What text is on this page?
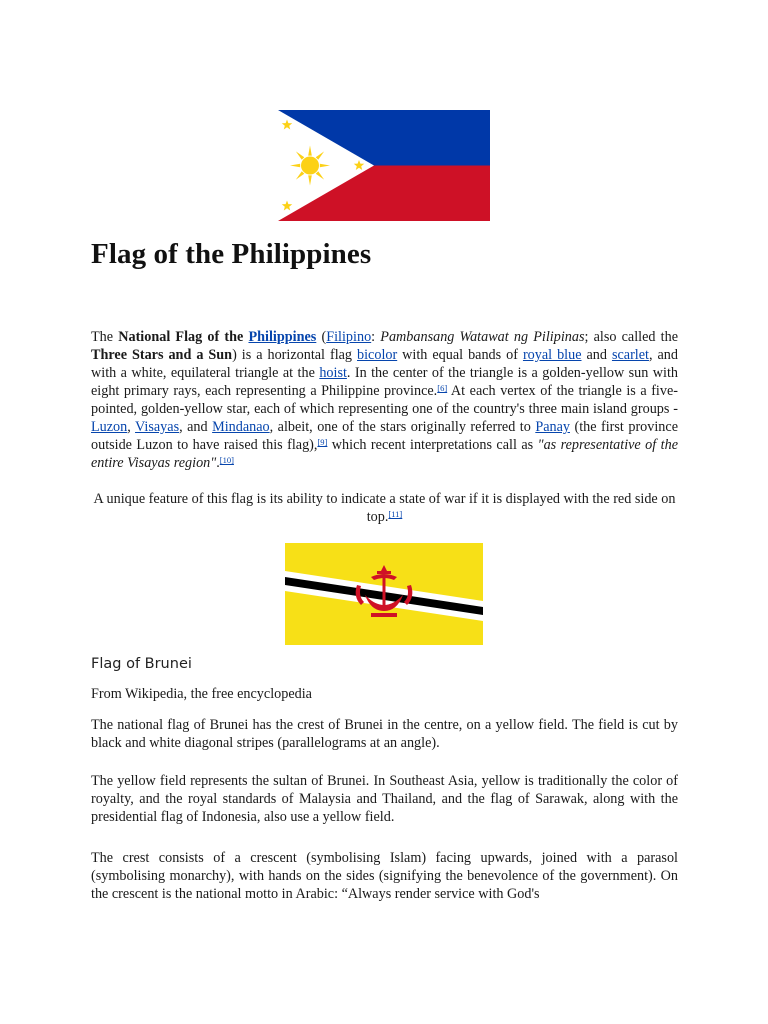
Flag of the Philippines

The National Flag of the Philippines (Filipino: Pambansang Watawat ng Pilipinas; also called the Three Stars and a Sun) is a horizontal flag bicolor with equal bands of royal blue and scarlet, and with a white, equilateral triangle at the hoist. In the center of the triangle is a golden-yellow sun with eight primary rays, each representing a Philippine province.[6] At each vertex of the triangle is a five-pointed, golden-yellow star, each of which representing one of the country's three main island groups - Luzon, Visayas, and Mindanao, albeit, one of the stars originally referred to Panay (the first province outside Luzon to have raised this flag),[9] which recent interpretations call as "as representative of the entire Visayas region".[10]

A unique feature of this flag is its ability to indicate a state of war if it is displayed with the red side on top.[11]

Flag of Brunei

From Wikipedia, the free encyclopedia

The national flag of Brunei has the crest of Brunei in the centre, on a yellow field. The field is cut by black and white diagonal stripes (parallelograms at an angle).

The yellow field represents the sultan of Brunei. In Southeast Asia, yellow is traditionally the color of royalty, and the royal standards of Malaysia and Thailand, and the flag of Sarawak, along with the presidential flag of Indonesia, also use a yellow field.

The crest consists of a crescent (symbolising Islam) facing upwards, joined with a parasol (symbolising monarchy), with hands on the sides (signifying the benevolence of the government). On the crescent is the national motto in Arabic: “Always render service with God's
